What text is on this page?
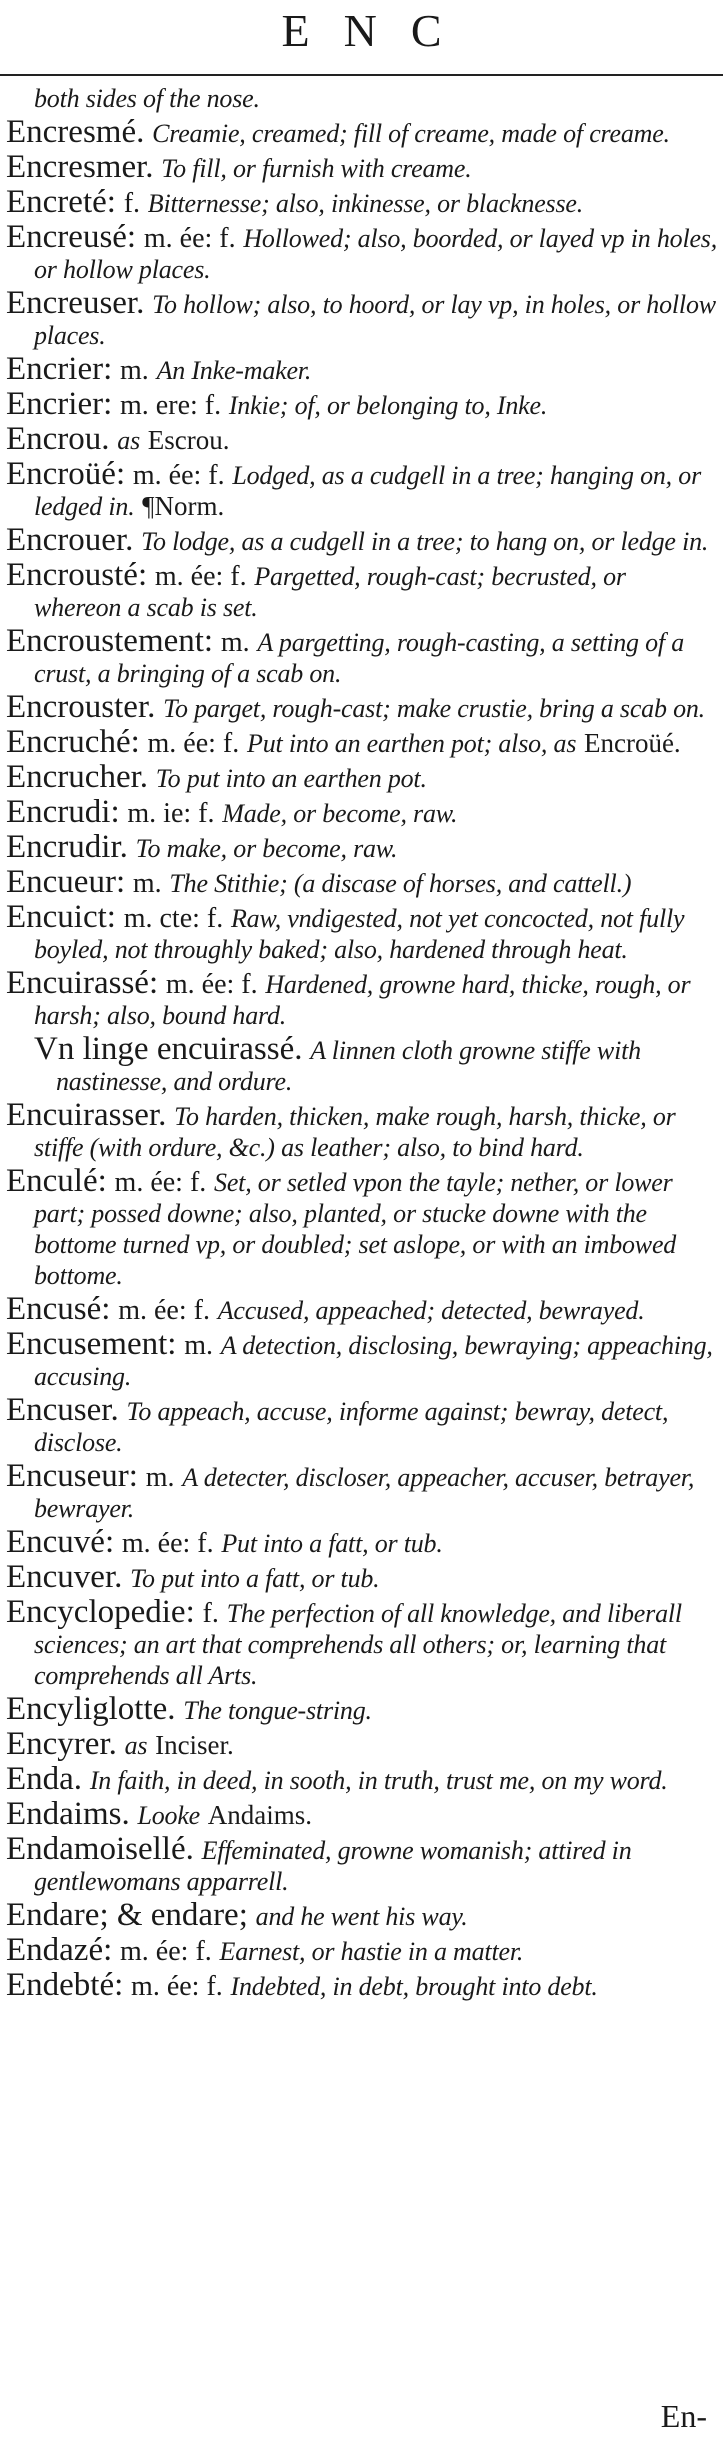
ENC
both sides of the nose.
Encresmé. Creamie, creamed; fill of creame, made of creame.
Encresmer. To fill, or furnish with creame.
Encreté: f. Bitternesse; also, inkinesse, or blacknesse.
Encreusé: m. ée: f. Hollowed; also, boorded, or layed vp in holes, or hollow places.
Encreuser. To hollow; also, to hoord, or lay vp, in holes, or hollow places.
Encrier: m. An Inke-maker.
Encrier: m. ere: f. Inkie; of, or belonging to, Inke.
Encrou. as Escrou.
Encroüé: m. ée: f. Lodged, as a cudgell in a tree; hanging on, or ledged in. ¶Norm.
Encrouer. To lodge, as a cudgell in a tree; to hang on, or ledge in.
Encrousté: m. ée: f. Pargetted, rough-cast; becrusted, or whereon a scab is set.
Encroustement: m. A pargetting, rough-casting, a setting of a crust, a bringing of a scab on.
Encrouster. To parget, rough-cast; make crustie, bring a scab on.
Encruché: m. ée: f. Put into an earthen pot; also, as Encroüé.
Encrucher. To put into an earthen pot.
Encrudi: m. ie: f. Made, or become, raw.
Encrudir. To make, or become, raw.
Encueur: m. The Stithie; (a discase of horses, and cattell.)
Encuict: m. cte: f. Raw, vndigested, not yet concocted, not fully boyled, not throughly baked; also, hardened through heat.
Encuirassé: m. ée: f. Hardened, growne hard, thicke, rough, or harsh; also, bound hard.
Vn linge encuirassé. A linnen cloth growne stiffe with nastinesse, and ordure.
Encuirasser. To harden, thicken, make rough, harsh, thicke, or stiffe (with ordure, &c.) as leather; also, to bind hard.
Enculé: m. ée: f. Set, or setled vpon the tayle; nether, or lower part; possed downe; also, planted, or stucke downe with the bottome turned vp, or doubled; set aslope, or with an imbowed bottome.
Encusé: m. ée: f. Accused, appeached; detected, bewrayed.
Encusement: m. A detection, disclosing, bewraying; appeaching, accusing.
Encuser. To appeach, accuse, informe against; bewray, detect, disclose.
Encuseur: m. A detecter, discloser, appeacher, accuser, betrayer, bewrayer.
Encuvé: m. ée: f. Put into a fatt, or tub.
Encuver. To put into a fatt, or tub.
Encyclopedie: f. The perfection of all knowledge, and liberall sciences; an art that comprehends all others; or, learning that comprehends all Arts.
Encyliglotte. The tongue-string.
Encyrer. as Inciser.
Enda. In faith, in deed, in sooth, in truth, trust me, on my word.
Endaims. Looke Andaims.
Endamoisellé. Effeminated, growne womanish; attired in gentlewomans apparrell.
Endare; & endare; and he went his way.
Endazé: m. ée: f. Earnest, or hastie in a matter.
Endebté: m. ée: f. Indebted, in debt, brought into debt.
En-
